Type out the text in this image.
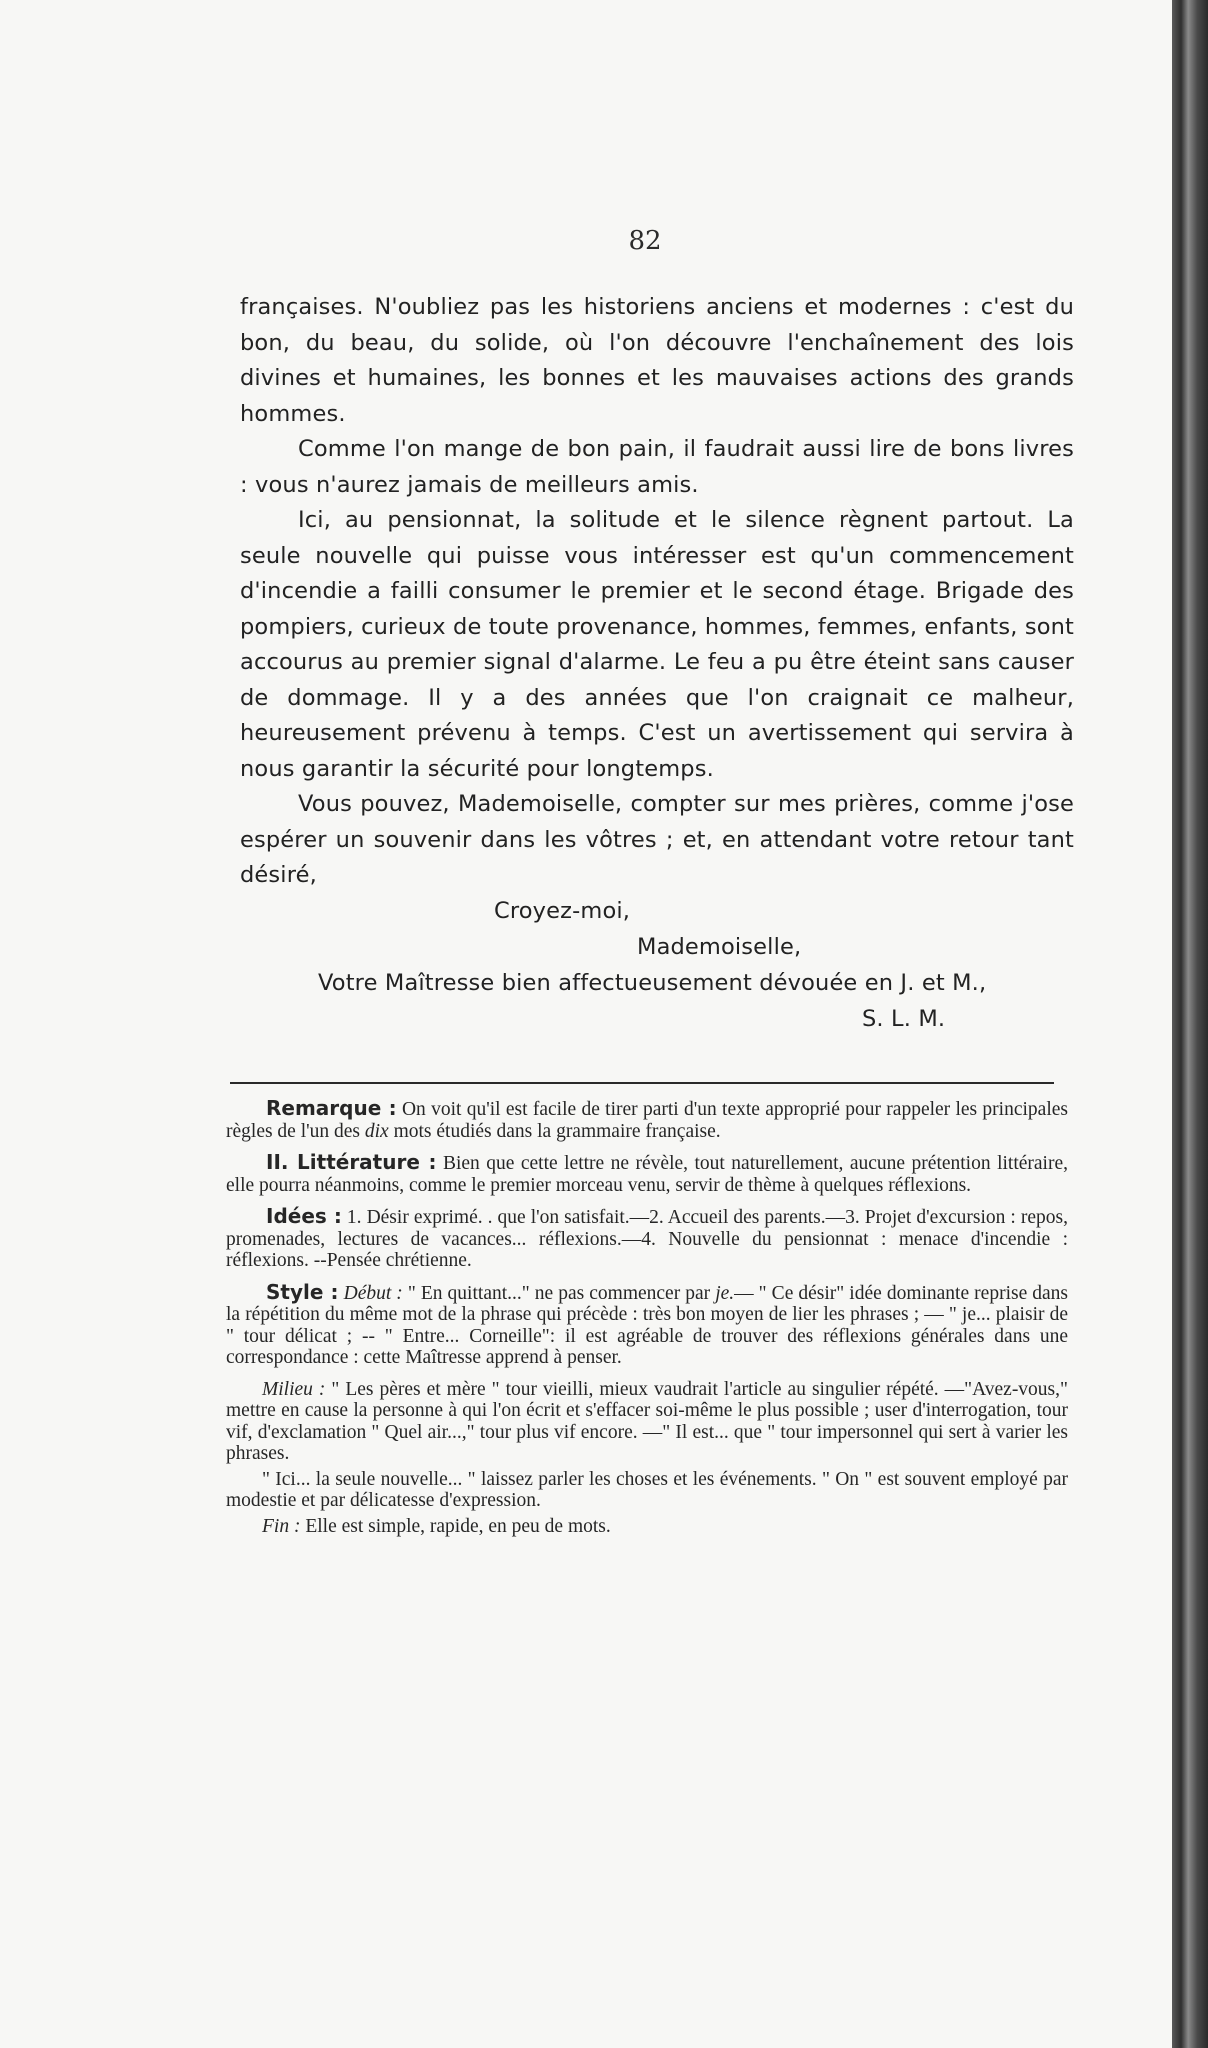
82

françaises. N'oubliez pas les historiens anciens et modernes : c'est du bon, du beau, du solide, où l'on découvre l'enchaînement des lois divines et humaines, les bonnes et les mauvaises actions des grands hommes.

Comme l'on mange de bon pain, il faudrait aussi lire de bons livres : vous n'aurez jamais de meilleurs amis.

Ici, au pensionnat, la solitude et le silence règnent partout. La seule nouvelle qui puisse vous intéresser est qu'un commencement d'incendie a failli consumer le premier et le second étage. Brigade des pompiers, curieux de toute provenance, hommes, femmes, enfants, sont accourus au premier signal d'alarme. Le feu a pu être éteint sans causer de dommage. Il y a des années que l'on craignait ce malheur, heureusement prévenu à temps. C'est un avertissement qui servira à nous garantir la sécurité pour longtemps.

Vous pouvez, Mademoiselle, compter sur mes prières, comme j'ose espérer un souvenir dans les vôtres ; et, en attendant votre retour tant désiré,

Croyez-moi,
Mademoiselle,
Votre Maîtresse bien affectueusement dévouée en J. et M.,
S. L. M.

Remarque : On voit qu'il est facile de tirer parti d'un texte approprié pour rappeler les principales règles de l'un des dix mots étudiés dans la grammaire française.

II. Littérature : Bien que cette lettre ne révèle, tout naturellement, aucune prétention littéraire, elle pourra néanmoins, comme le premier morceau venu, servir de thème à quelques réflexions.

Idées : 1. Désir exprimé. . que l'on satisfait.—2. Accueil des parents.—3. Projet d'excursion : repos, promenades, lectures de vacances... réflexions.—4. Nouvelle du pensionnat : menace d'incendie : réflexions. --Pensée chrétienne.

Style : Début : " En quittant..." ne pas commencer par je.— " Ce désir" idée dominante reprise dans la répétition du même mot de la phrase qui précède : très bon moyen de lier les phrases ; — " je... plaisir de " tour délicat ; -- " Entre... Corneille": il est agréable de trouver des réflexions générales dans une correspondance : cette Maîtresse apprend à penser.

Milieu : " Les pères et mère " tour vieilli, mieux vaudrait l'article au singulier répété. —"Avez-vous," mettre en cause la personne à qui l'on écrit et s'effacer soi-même le plus possible ; user d'interrogation, tour vif, d'exclamation " Quel air...," tour plus vif encore. —" Il est... que " tour impersonnel qui sert à varier les phrases.

" Ici... la seule nouvelle... " laissez parler les choses et les événements. " On " est souvent employé par modestie et par délicatesse d'expression.

Fin : Elle est simple, rapide, en peu de mots.
